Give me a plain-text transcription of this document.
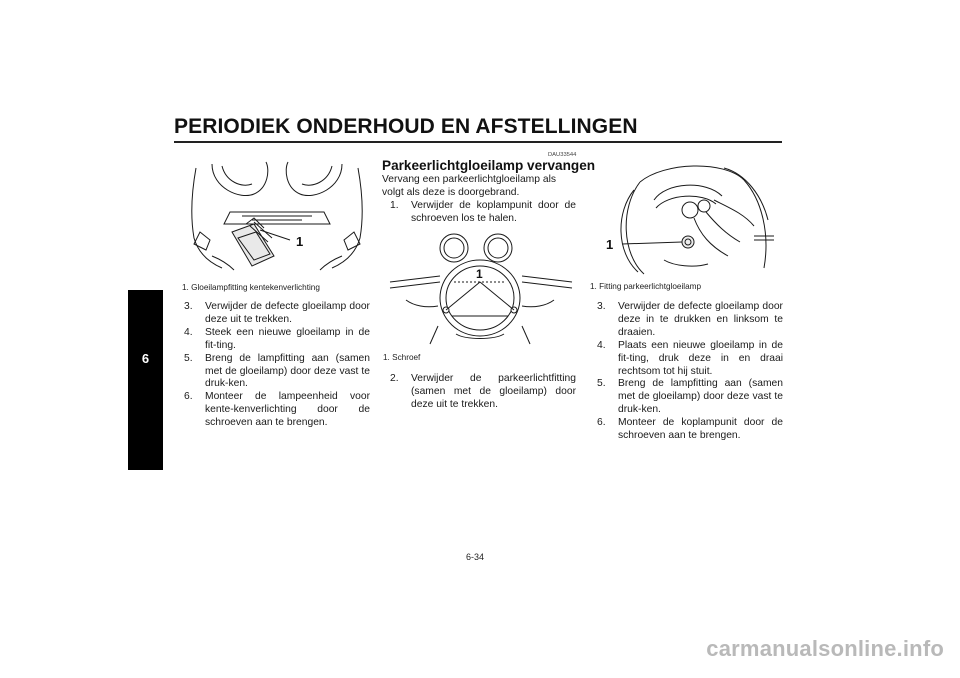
PERIODIEK ONDERHOUD EN AFSTELLINGEN
6
1
1. Gloeilampfitting kentekenverlichting
3. Verwijder de defecte gloeilamp door deze uit te trekken.
4. Steek een nieuwe gloeilamp in de fit-ting.
5. Breng de lampfitting aan (samen met de gloeilamp) door deze vast te druk-ken.
6. Monteer de lampeenheid voor kente-kenverlichting door de schroeven aan te brengen.
DAU33544
Parkeerlichtgloeilamp vervangen

Vervang een parkeerlichtgloeilamp als volgt als deze is doorgebrand.

1. Verwijder de koplampunit door de schroeven los te halen.
1
1. Schroef
2. Verwijder de parkeerlichtfitting (samen met de gloeilamp) door deze uit te trekken.
1
1. Fitting parkeerlichtgloeilamp
3. Verwijder de defecte gloeilamp door deze in te drukken en linksom te draaien.
4. Plaats een nieuwe gloeilamp in de fit-ting, druk deze in en draai rechtsom tot hij stuit.
5. Breng de lampfitting aan (samen met de gloeilamp) door deze vast te druk-ken.
6. Monteer de koplampunit door de schroeven aan te brengen.
6-34
carmanualsonline.info
